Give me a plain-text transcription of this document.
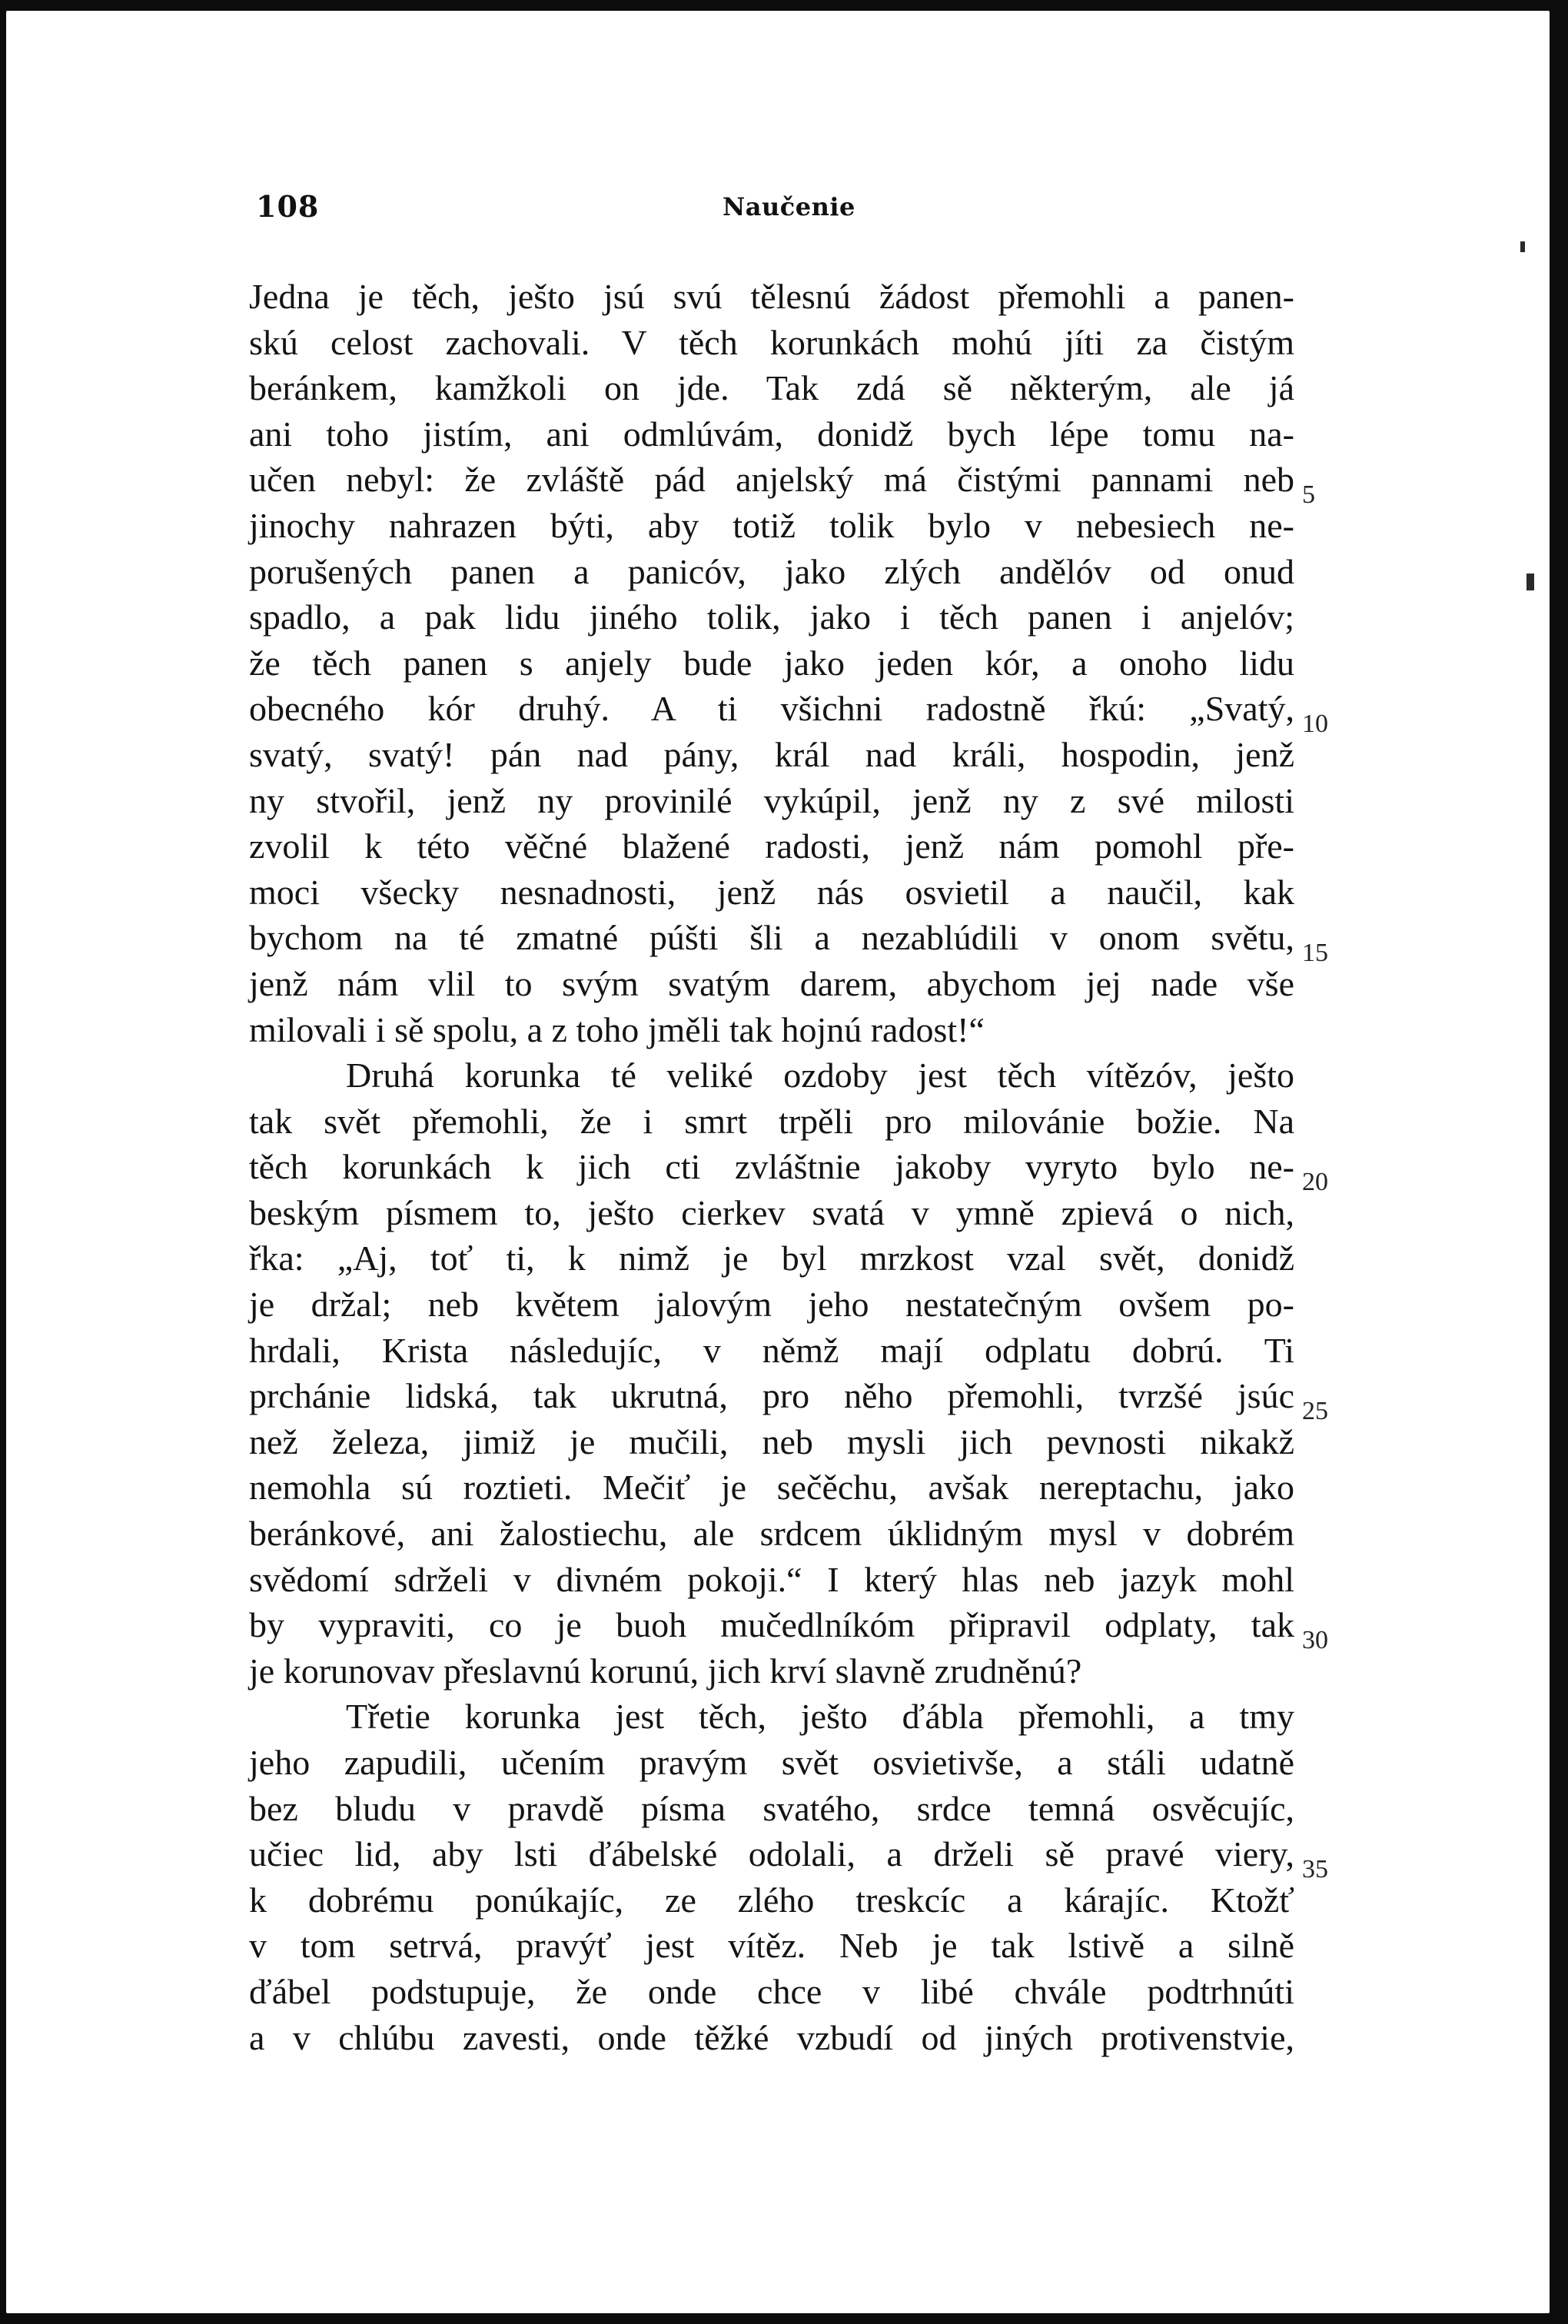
108	Naučenie
Jedna je těch, ješto jsú svú tělesnú žádost přemohli a panen-
skú celost zachovali. V těch korunkách mohú jíti za čistým
beránkem, kamžkoli on jde. Tak zdá sě některým, ale já
ani toho jistím, ani odmlúvám, donidž bych lépe tomu na-
učen nebyl: že zvláště pád anjelský má čistými pannami neb
jinochy nahrazen býti, aby totiž tolik bylo v nebesiech ne-
porušených panen a panicóv, jako zlých andělóv od onud
spadlo, a pak lidu jiného tolik, jako i těch panen i anjelóv;
že těch panen s anjely bude jako jeden kór, a onoho lidu
obecného kór druhý. A ti všichni radostně řkú: „Svatý,
svatý, svatý! pán nad pány, král nad králi, hospodin, jenž
ny stvořil, jenž ny provinilé vykúpil, jenž ny z své milosti
zvolil k této věčné blažené radosti, jenž nám pomohl pře-
moci všecky nesnadnosti, jenž nás osvietil a naučil, kak
bychom na té zmatné púšti šli a nezablúdili v onom světu,
jenž nám vlil to svým svatým darem, abychom jej nade vše
milovali i sě spolu, a z toho jměli tak hojnú radost!“
Druhá korunka té veliké ozdoby jest těch vítězóv, ješto
tak svět přemohli, že i smrt trpěli pro milovánie božie. Na
těch korunkách k jich cti zvláštnie jakoby vyryto bylo ne-
beským písmem to, ješto cierkev svatá v ymně zpievá o nich,
řka: „Aj, toť ti, k nimž je byl mrzkost vzal svět, donidž
je držal; neb květem jalovým jeho nestatečným ovšem po-
hrdali, Krista následujíc, v němž mají odplatu dobrú. Ti
prchánie lidská, tak ukrutná, pro něho přemohli, tvrzšé jsúc
než železa, jimiž je mučili, neb mysli jich pevnosti nikakž
nemohla sú roztieti. Mečiť je sečěchu, avšak nereptachu, jako
beránkové, ani žalostiechu, ale srdcem úklidným mysl v dobrém
svědomí sdrželi v divném pokoji.“ I který hlas neb jazyk mohl
by vypraviti, co je buoh mučedlníkóm připravil odplaty, tak
je korunovav přeslavnú korunú, jich krví slavně zrudněnú?
Třetie korunka jest těch, ješto ďábla přemohli, a tmy
jeho zapudili, učením pravým svět osvietivše, a stáli udatně
bez bludu v pravdě písma svatého, srdce temná osvěcujíc,
učiec lid, aby lsti ďábelské odolali, a drželi sě pravé viery,
k dobrému ponúkajíc, ze zlého treskcíc a kárajíc. Ktožť
v tom setrvá, pravýť jest vítěz. Neb je tak lstivě a silně
ďábel podstupuje, že onde chce v libé chvále podtrhnúti
a v chlúbu zavesti, onde těžké vzbudí od jiných protivenstvie,
5
10
15
20
25
30
35
